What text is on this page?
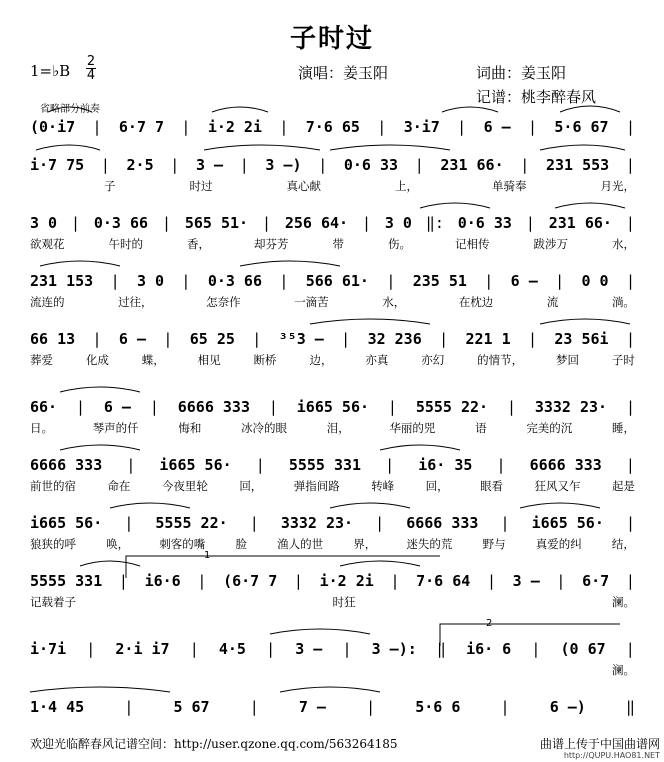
子时过
1=♭B
2
4	演唱：姜玉阳	词曲：姜玉阳
记谱：桃李醉春风
省略部分前奏
1
2
(0·i7 | 6·7 7 | i·2 2i | 7·6 65 | 3·i7 | 6 – | 5·6 67 |
i·7 75 | 2·5 | 3 – | 3 –) | 0·6 33 | 231 66· | 231 553 |
子	时过	真心献	上，	单骑奉	月光，
3 0 | 0·3 66 | 565 51· | 256 64· | 3 0 ‖: 0·6 33 | 231 66· |
欲观花	午时的	香，	却芬芳	带	伤。	记相传	跋涉万	水，
231 153 | 3 0 | 0·3 66 | 566 61· | 235 51 | 6 – | 0 0 |
流连的	过往，	怎奈作	一滴苦	水，	在枕边	流	淌。
66 13 | 6 – | 65 25 | ³⁵3 – | 32 236 | 221 1 | 23 56i |
葬爱	化成	蝶，	相见	断桥	边，	亦真	亦幻	的情节，	梦回	子时
66· | 6 – | 6666 333 | i665 56· | 5555 22· | 3332 23· |
日。	琴声的仟	悔和	冰冷的眼	泪，	华丽的兕	语	完美的沉	睡，
6666 333 | i665 56· | 5555 331 | i6· 35 | 6666 333 |
前世的宿	命在	今夜里轮	回，	弹指间路	转峰	回，	眼看	狂风又乍	起是
i665 56· | 5555 22· | 3332 23· | 6666 333 | i665 56· |
狼狭的呼	唤，	刺客的嘴	脸	渔人的世	界，	迷失的荒	野与	真爱的纠	结，
5555 331 | i6·6 | (6·7 7 | i·2 2i | 7·6 64 | 3 – | 6·7 |
记载着子	时狂	澜。
i·7i | 2·i i7 | 4·5 | 3 – | 3 –): ‖ i6· 6 | (0 67 |
澜。
1·4 45	|	5 67	|	7 –	|	5·6 6	|	6 –)	‖
欢迎光临醉春风记谱空间：http://user.qzone.qq.com/563264185	曲谱上传于中国曲谱网
http://QUPU.HAO81.NET
